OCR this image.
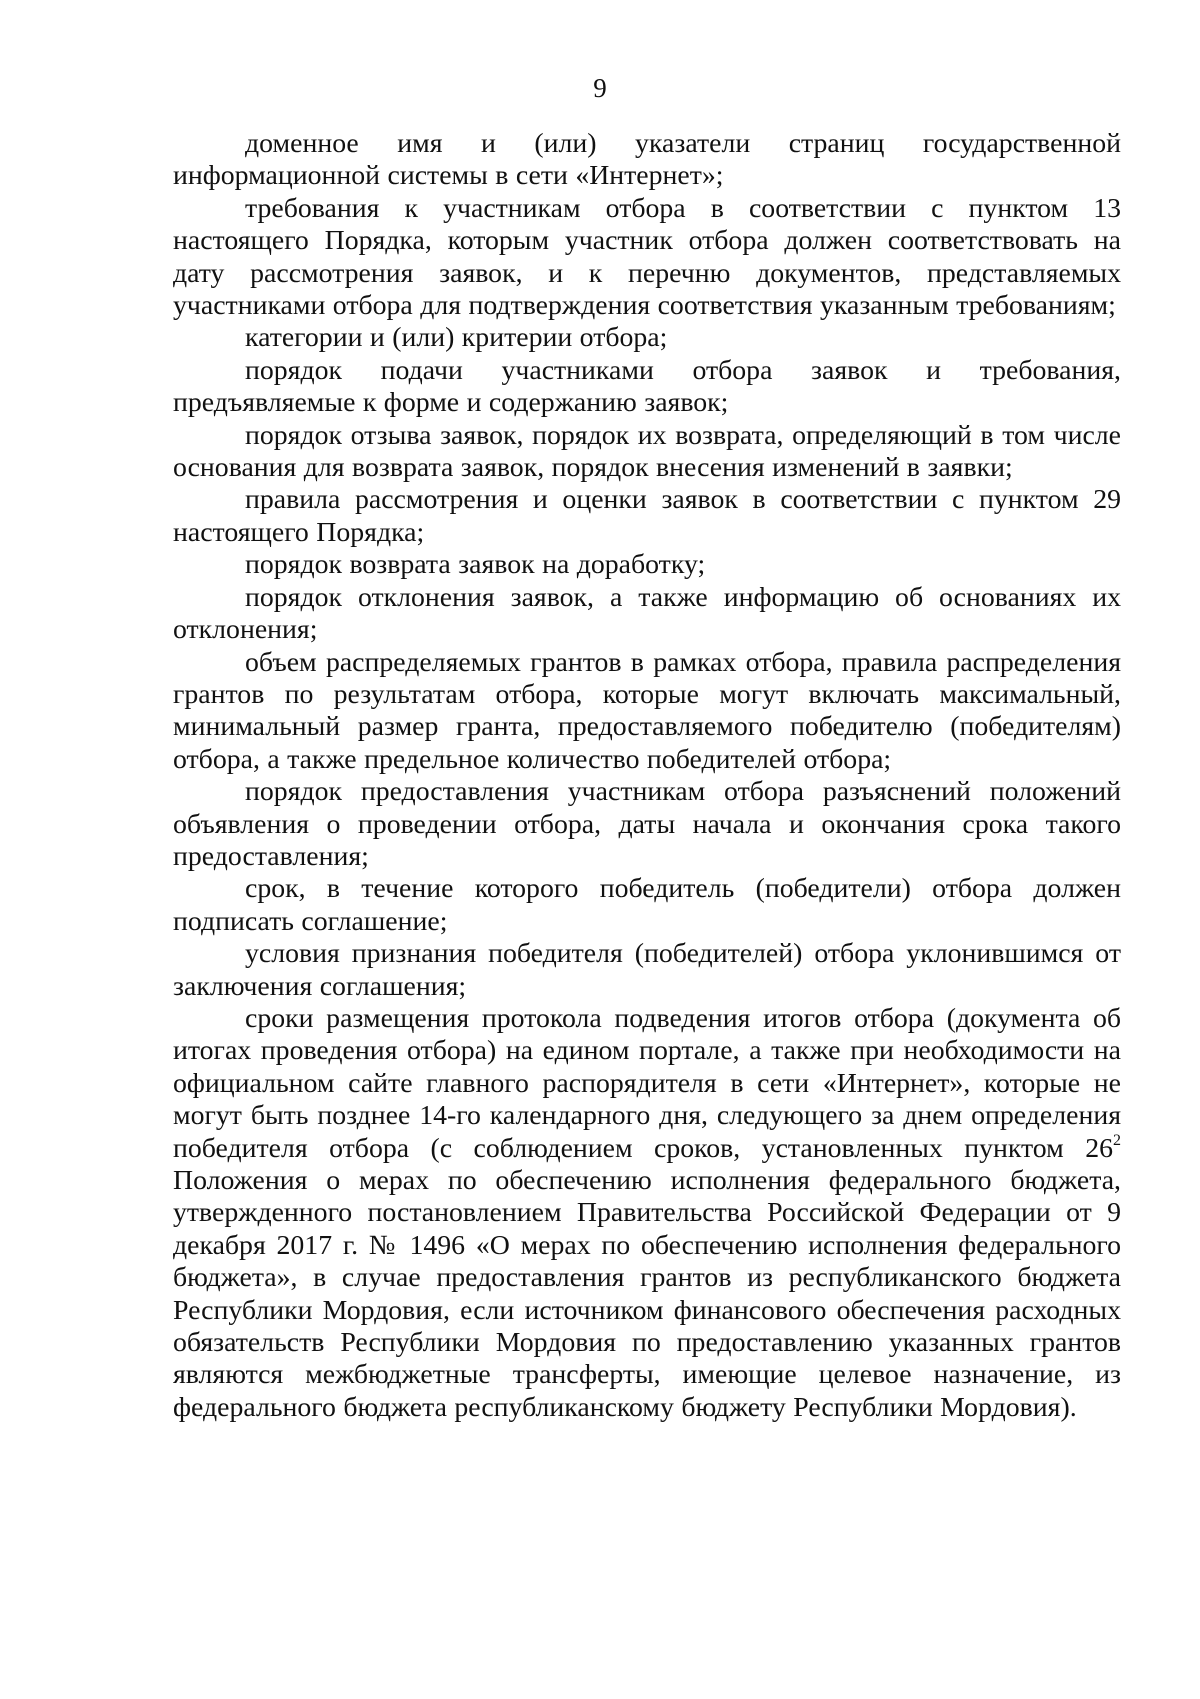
9

доменное имя и (или) указатели страниц государственной информационной системы в сети «Интернет»;

требования к участникам отбора в соответствии с пунктом 13 настоящего Порядка, которым участник отбора должен соответствовать на дату рассмотрения заявок, и к перечню документов, представляемых участниками отбора для подтверждения соответствия указанным требованиям;

категории и (или) критерии отбора;

порядок подачи участниками отбора заявок и требования, предъявляемые к форме и содержанию заявок;

порядок отзыва заявок, порядок их возврата, определяющий в том числе основания для возврата заявок, порядок внесения изменений в заявки;

правила рассмотрения и оценки заявок в соответствии с пунктом 29 настоящего Порядка;

порядок возврата заявок на доработку;

порядок отклонения заявок, а также информацию об основаниях их отклонения;

объем распределяемых грантов в рамках отбора, правила распределения грантов по результатам отбора, которые могут включать максимальный, минимальный размер гранта, предоставляемого победителю (победителям) отбора, а также предельное количество победителей отбора;

порядок предоставления участникам отбора разъяснений положений объявления о проведении отбора, даты начала и окончания срока такого предоставления;

срок, в течение которого победитель (победители) отбора должен подписать соглашение;

условия признания победителя (победителей) отбора уклонившимся от заключения соглашения;

сроки размещения протокола подведения итогов отбора (документа об итогах проведения отбора) на едином портале, а также при необходимости на официальном сайте главного распорядителя в сети «Интернет», которые не могут быть позднее 14-го календарного дня, следующего за днем определения победителя отбора (с соблюдением сроков, установленных пунктом $26^2$ Положения о мерах по обеспечению исполнения федерального бюджета, утвержденного постановлением Правительства Российской Федерации от 9 декабря 2017 г. № 1496 «О мерах по обеспечению исполнения федерального бюджета», в случае предоставления грантов из республиканского бюджета Республики Мордовия, если источником финансового обеспечения расходных обязательств Республики Мордовия по предоставлению указанных грантов являются межбюджетные трансферты, имеющие целевое назначение, из федерального бюджета республиканскому бюджету Республики Мордовия).
